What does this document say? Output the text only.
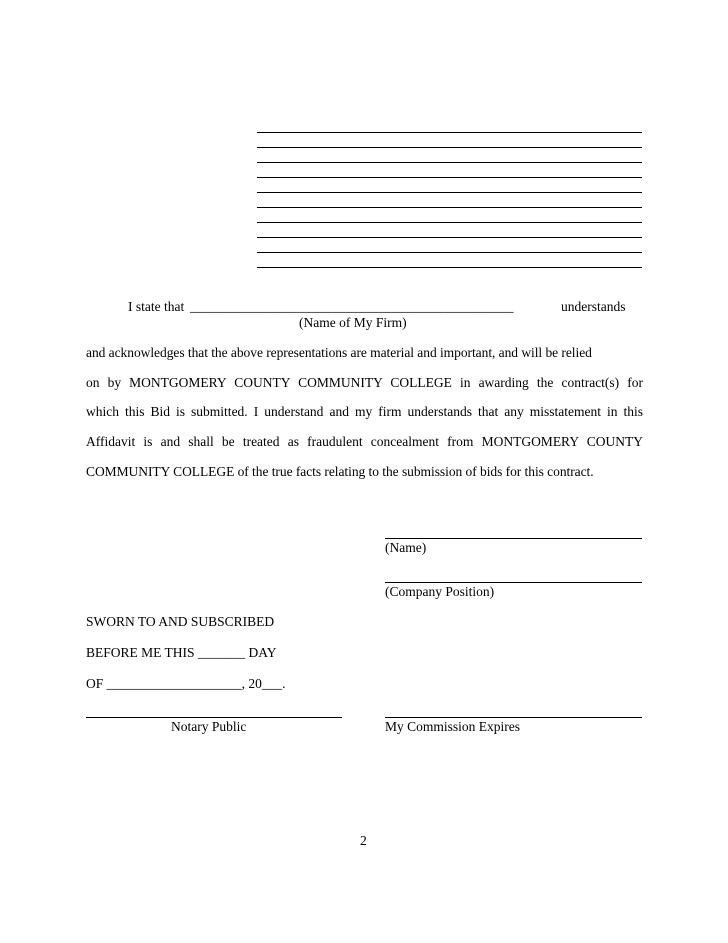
I state that _________________________________________________	understands
(Name of My Firm)
and acknowledges that the above representations are material and important, and will be relied
on by MONTGOMERY COUNTY COMMUNITY COLLEGE in awarding the contract(s) for
which this Bid is submitted. I understand and my firm understands that any misstatement in this
Affidavit is and shall be treated as fraudulent concealment from MONTGOMERY COUNTY
COMMUNITY COLLEGE of the true facts relating to the submission of bids for this contract.
(Name)
(Company Position)
SWORN TO AND SUBSCRIBED
BEFORE ME THIS _______ DAY
OF ____________________, 20___.
Notary Public	My Commission Expires
2
